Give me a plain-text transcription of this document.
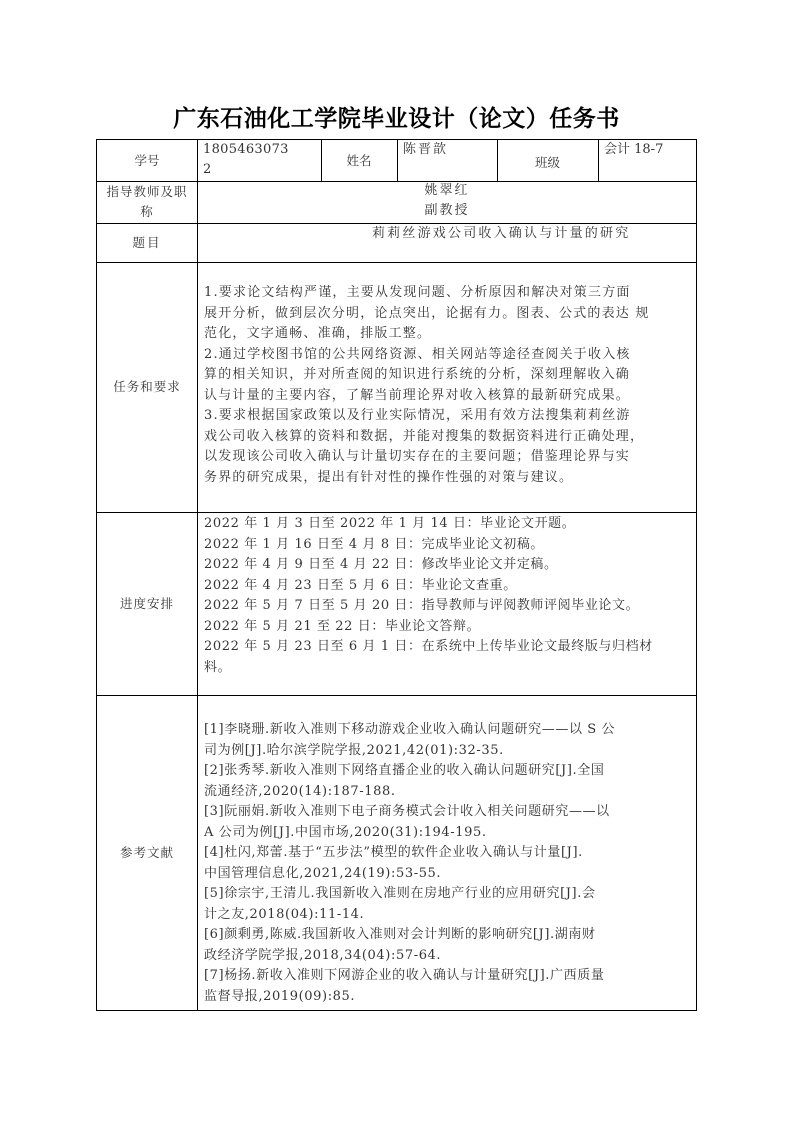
广东石油化工学院毕业设计（论文）任务书
学号
1805463073
2
姓名
陈晋歆
班级
会计 18-7
指导教师及职
称
姚翠红
副教授
题目
莉莉丝游戏公司收入确认与计量的研究
任务和要求
1.要求论文结构严谨，主要从发现问题、分析原因和解决对策三方面
展开分析，做到层次分明，论点突出，论据有力。图表、公式的表达 规
范化，文字通畅、准确，排版工整。
2.通过学校图书馆的公共网络资源、相关网站等途径查阅关于收入核
算的相关知识，并对所查阅的知识进行系统的分析，深刻理解收入确
认与计量的主要内容，了解当前理论界对收入核算的最新研究成果。
3.要求根据国家政策以及行业实际情况，采用有效方法搜集莉莉丝游
戏公司收入核算的资料和数据，并能对搜集的数据资料进行正确处理，
以发现该公司收入确认与计量切实存在的主要问题；借鉴理论界与实
务界的研究成果，提出有针对性的操作性强的对策与建议。
进度安排
2022 年 1 月 3 日至 2022 年 1 月 14 日：毕业论文开题。
2022 年 1 月 16 日至 4 月 8 日：完成毕业论文初稿。
2022 年 4 月 9 日至 4 月 22 日：修改毕业论文并定稿。
2022 年 4 月 23 日至 5 月 6 日：毕业论文查重。
2022 年 5 月 7 日至 5 月 20 日：指导教师与评阅教师评阅毕业论文。
2022 年 5 月 21 至 22 日：毕业论文答辩。
2022 年 5 月 23 日至 6 月 1 日：在系统中上传毕业论文最终版与归档材
料。
参考文献
[1]李晓珊.新收入准则下移动游戏企业收入确认问题研究——以 S 公
司为例[J].哈尔滨学院学报,2021,42(01):32-35.
[2]张秀琴.新收入准则下网络直播企业的收入确认问题研究[J].全国
流通经济,2020(14):187-188.
[3]阮丽娟.新收入准则下电子商务模式会计收入相关问题研究——以
A 公司为例[J].中国市场,2020(31):194-195.
[4]杜闪,郑蕾.基于“五步法”模型的软件企业收入确认与计量[J].
中国管理信息化,2021,24(19):53-55.
[5]徐宗宇,王清儿.我国新收入准则在房地产行业的应用研究[J].会
计之友,2018(04):11-14.
[6]颜剩勇,陈威.我国新收入准则对会计判断的影响研究[J].湖南财
政经济学院学报,2018,34(04):57-64.
[7]杨扬.新收入准则下网游企业的收入确认与计量研究[J].广西质量
监督导报,2019(09):85.
